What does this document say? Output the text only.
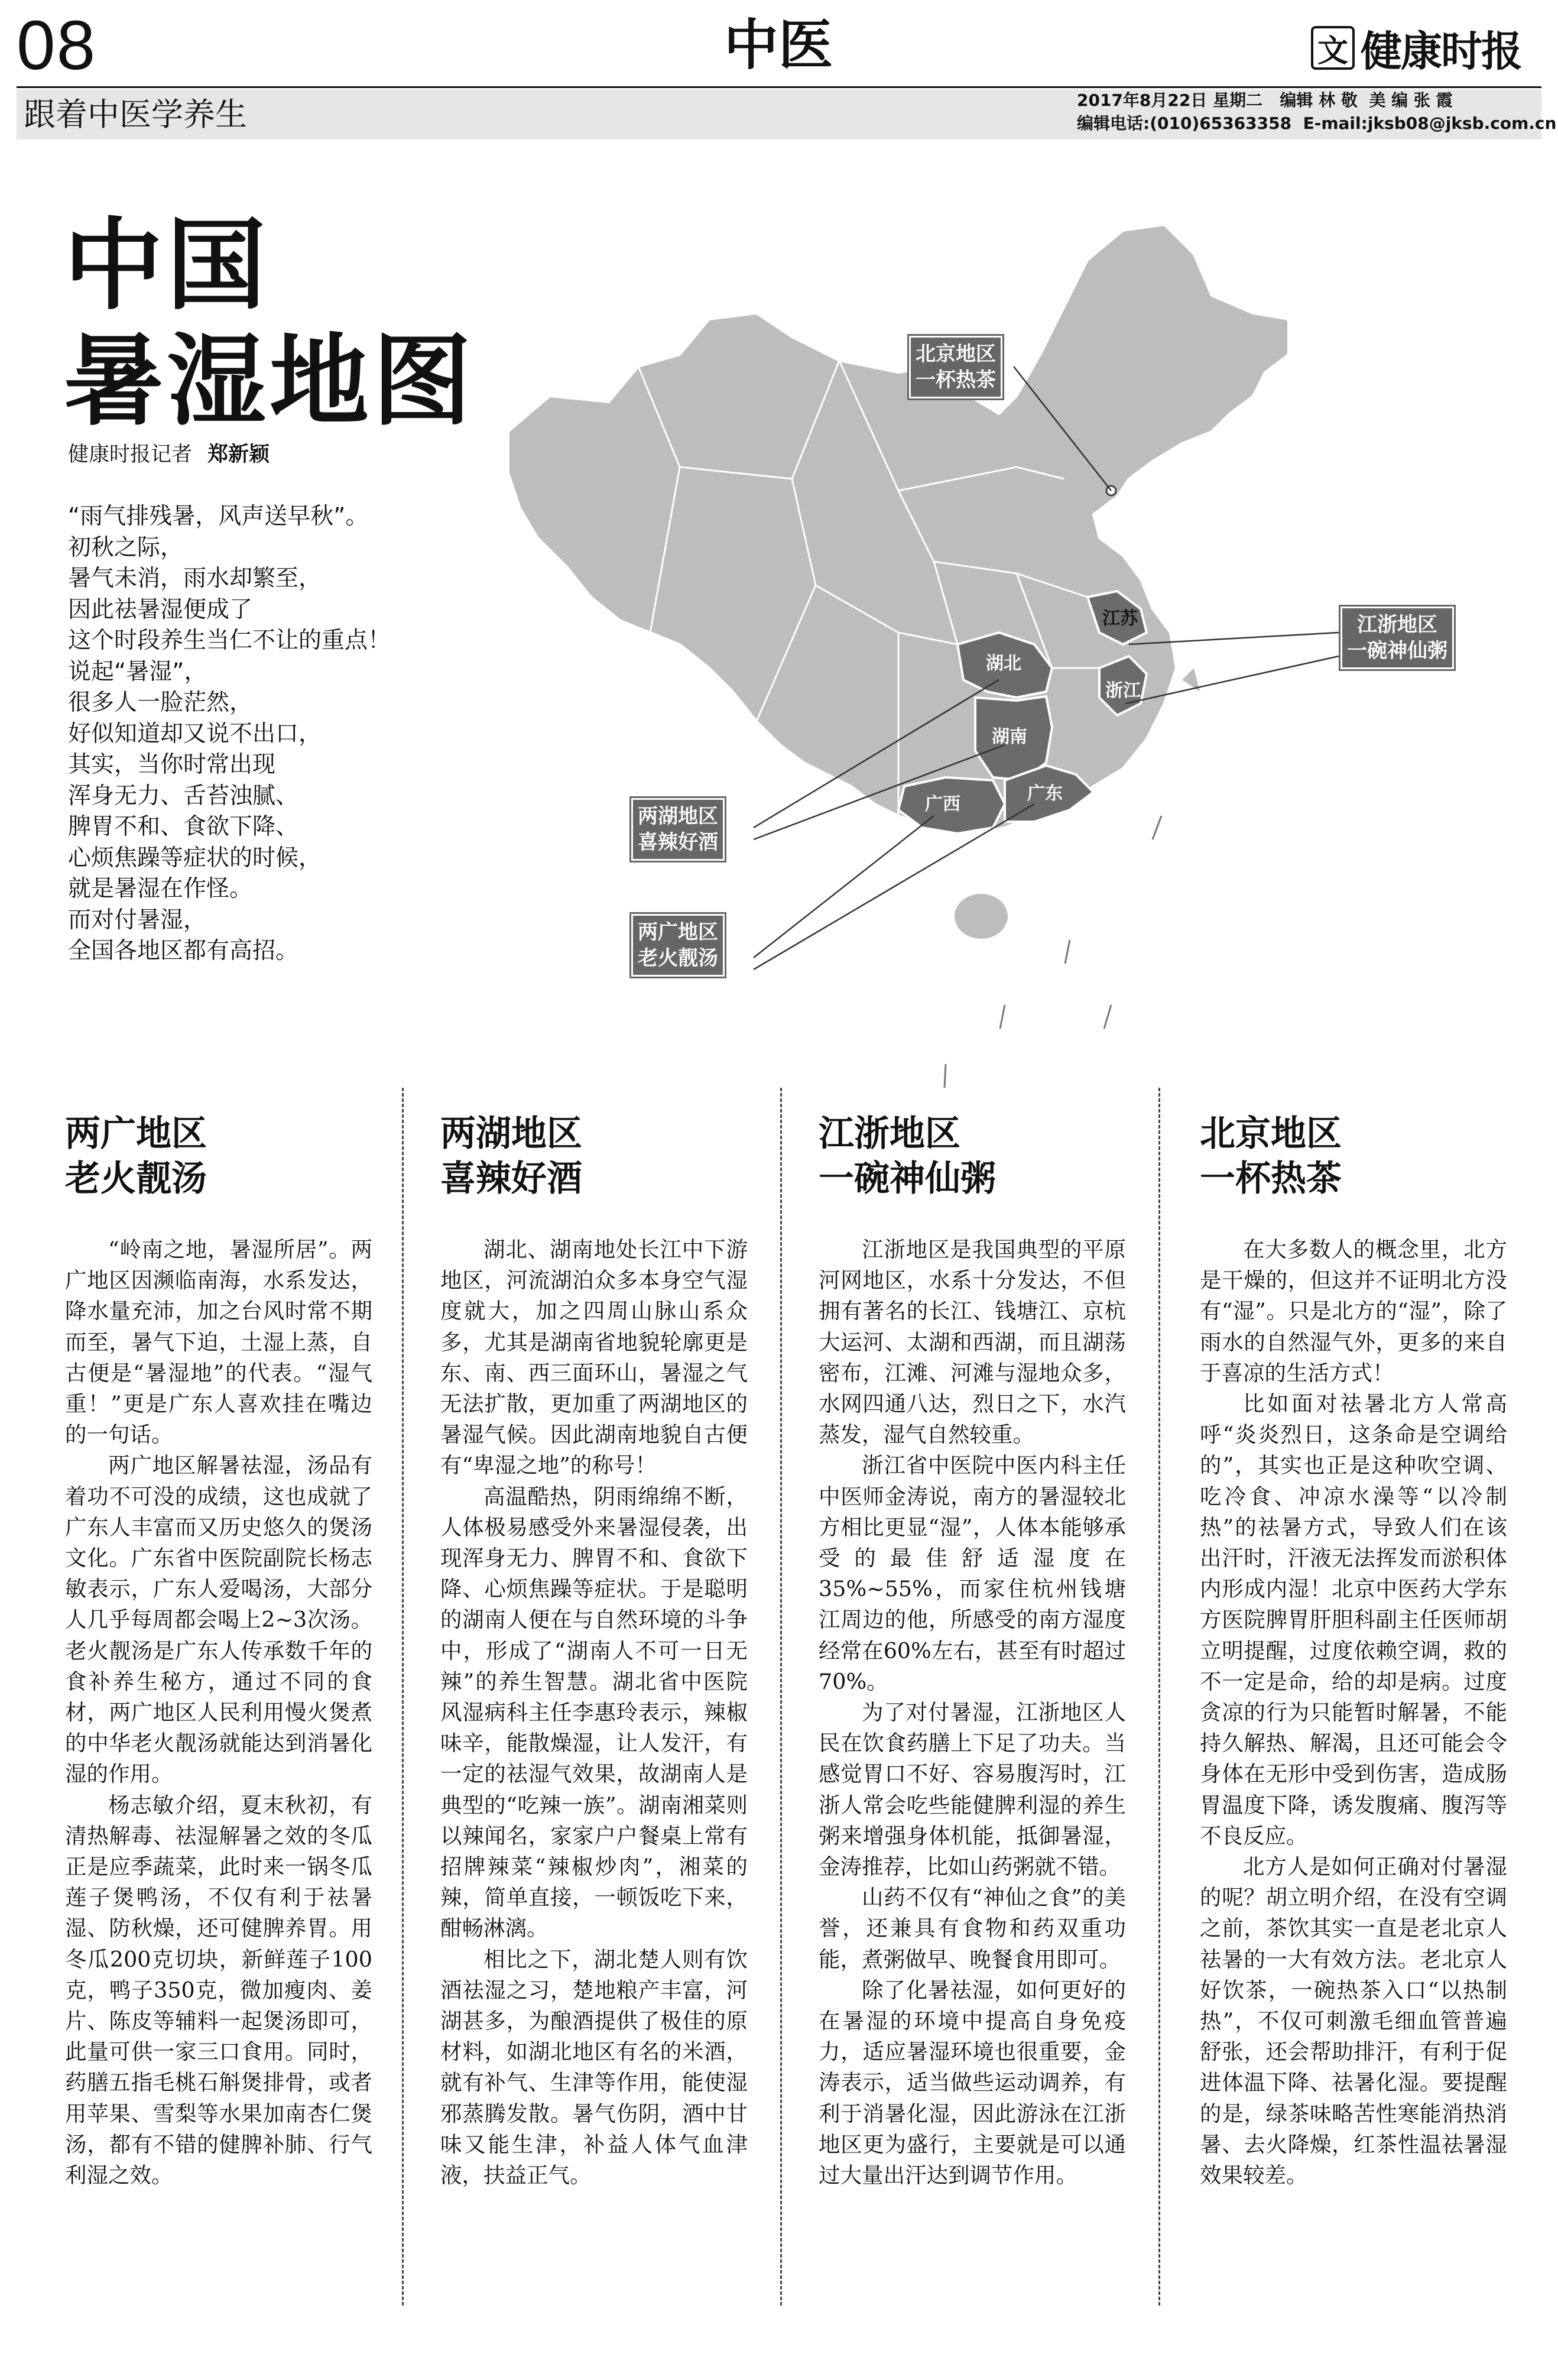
08	中医	文 健康时报
跟着中医学养生	2017年8月22日 星期二   编辑 林 敬  美 编 张 霞
编辑电话:(010)65363358  E-mail:jksb08@jksb.com.cn
中国
暑湿地图
健康时报记者 郑新颖
“雨气排残暑，风声送早秋”。
初秋之际，
暑气未消，雨水却繁至，
因此祛暑湿便成了
这个时段养生当仁不让的重点！
说起“暑湿”，
很多人一脸茫然，
好似知道却又说不出口，
其实，当你时常出现
浑身无力、舌苔浊腻、
脾胃不和、食欲下降、
心烦焦躁等症状的时候，
就是暑湿在作怪。
而对付暑湿，
全国各地区都有高招。
江苏
浙江
湖北
湖南
广西
广东
北京地区
一杯热茶
江浙地区
一碗神仙粥
两湖地区
喜辣好酒
两广地区
老火靓汤
两广地区
老火靓汤

“岭南之地，暑湿所居”。两广地区因濒临南海，水系发达，降水量充沛，加之台风时常不期而至，暑气下迫，土湿上蒸，自古便是“暑湿地”的代表。“湿气重！”更是广东人喜欢挂在嘴边的一句话。

两广地区解暑祛湿，汤品有着功不可没的成绩，这也成就了广东人丰富而又历史悠久的煲汤文化。广东省中医院副院长杨志敏表示，广东人爱喝汤，大部分人几乎每周都会喝上2~3次汤。老火靓汤是广东人传承数千年的食补养生秘方，通过不同的食材，两广地区人民利用慢火煲煮的中华老火靓汤就能达到消暑化湿的作用。

杨志敏介绍，夏末秋初，有清热解毒、祛湿解暑之效的冬瓜正是应季蔬菜，此时来一锅冬瓜莲子煲鸭汤，不仅有利于祛暑湿、防秋燥，还可健脾养胃。用冬瓜200克切块，新鲜莲子100克，鸭子350克，微加瘦肉、姜片、陈皮等辅料一起煲汤即可，此量可供一家三口食用。同时，药膳五指毛桃石斛煲排骨，或者用苹果、雪梨等水果加南杏仁煲汤，都有不错的健脾补肺、行气利湿之效。

两湖地区
喜辣好酒

湖北、湖南地处长江中下游地区，河流湖泊众多本身空气湿度就大，加之四周山脉山系众多，尤其是湖南省地貌轮廓更是东、南、西三面环山，暑湿之气无法扩散，更加重了两湖地区的暑湿气候。因此湖南地貌自古便有“卑湿之地”的称号！

高温酷热，阴雨绵绵不断，人体极易感受外来暑湿侵袭，出现浑身无力、脾胃不和、食欲下降、心烦焦躁等症状。于是聪明的湖南人便在与自然环境的斗争中，形成了“湖南人不可一日无辣”的养生智慧。湖北省中医院风湿病科主任李惠玲表示，辣椒味辛，能散燥湿，让人发汗，有一定的祛湿气效果，故湖南人是典型的“吃辣一族”。湖南湘菜则以辣闻名，家家户户餐桌上常有招牌辣菜“辣椒炒肉”，湘菜的辣，简单直接，一顿饭吃下来，酣畅淋漓。

相比之下，湖北楚人则有饮酒祛湿之习，楚地粮产丰富，河湖甚多，为酿酒提供了极佳的原材料，如湖北地区有名的米酒，就有补气、生津等作用，能使湿邪蒸腾发散。暑气伤阴，酒中甘味又能生津，补益人体气血津液，扶益正气。

江浙地区
一碗神仙粥

江浙地区是我国典型的平原河网地区，水系十分发达，不但拥有著名的长江、钱塘江、京杭大运河、太湖和西湖，而且湖荡密布，江滩、河滩与湿地众多，水网四通八达，烈日之下，水汽蒸发，湿气自然较重。

浙江省中医院中医内科主任中医师金涛说，南方的暑湿较北方相比更显“湿”，人体本能够承受的最佳舒适湿度在35%~55%，而家住杭州钱塘江周边的他，所感受的南方湿度经常在60%左右，甚至有时超过70%。

为了对付暑湿，江浙地区人民在饮食药膳上下足了功夫。当感觉胃口不好、容易腹泻时，江浙人常会吃些能健脾利湿的养生粥来增强身体机能，抵御暑湿，金涛推荐，比如山药粥就不错。

山药不仅有“神仙之食”的美誉，还兼具有食物和药双重功能，煮粥做早、晚餐食用即可。

除了化暑祛湿，如何更好的在暑湿的环境中提高自身免疫力，适应暑湿环境也很重要，金涛表示，适当做些运动调养，有利于消暑化湿，因此游泳在江浙地区更为盛行，主要就是可以通过大量出汗达到调节作用。

北京地区
一杯热茶

在大多数人的概念里，北方是干燥的，但这并不证明北方没有“湿”。只是北方的“湿”，除了雨水的自然湿气外，更多的来自于喜凉的生活方式！

比如面对祛暑北方人常高呼“炎炎烈日，这条命是空调给的”，其实也正是这种吹空调、吃冷食、冲凉水澡等“以冷制热”的祛暑方式，导致人们在该出汗时，汗液无法挥发而淤积体内形成内湿！北京中医药大学东方医院脾胃肝胆科副主任医师胡立明提醒，过度依赖空调，救的不一定是命，给的却是病。过度贪凉的行为只能暂时解暑，不能持久解热、解渴，且还可能会令身体在无形中受到伤害，造成肠胃温度下降，诱发腹痛、腹泻等不良反应。

北方人是如何正确对付暑湿的呢？胡立明介绍，在没有空调之前，茶饮其实一直是老北京人祛暑的一大有效方法。老北京人好饮茶，一碗热茶入口“以热制热”，不仅可刺激毛细血管普遍舒张，还会帮助排汗，有利于促进体温下降、祛暑化湿。要提醒的是，绿茶味略苦性寒能消热消暑、去火降燥，红茶性温祛暑湿效果较差。
